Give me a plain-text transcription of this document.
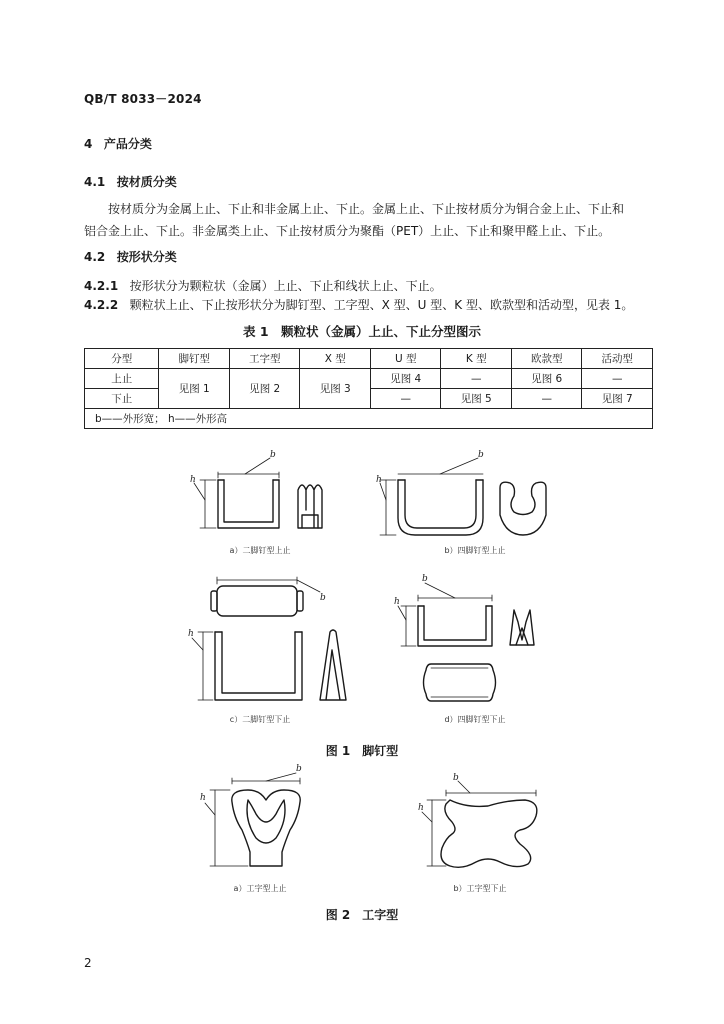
QB/T 8033－2024
4 产品分类
4.1 按材质分类
按材质分为金属上止、下止和非金属上止、下止。金属上止、下止按材质分为铜合金上止、下止和
铝合金上止、下止。非金属类上止、下止按材质分为聚酯（PET）上止、下止和聚甲醛上止、下止。
4.2 按形状分类
4.2.1 按形状分为颗粒状（金属）上止、下止和线状上止、下止。
4.2.2 颗粒状上止、下止按形状分为脚钉型、工字型、X 型、U 型、K 型、欧款型和活动型，见表 1。
表 1　颗粒状（金属）上止、下止分型图示
分型	脚钉型	工字型	X 型	U 型	K 型	欧款型	活动型
上止	见图 1	见图 2	见图 3	见图 4	—	见图 6	—
下止				—	见图 5	—	见图 7
b——外形宽； h——外形高							
b
h
b
h
b
h
b
h
b
h
b
h
a）二脚钉型上止	b）四脚钉型上止
c）二脚钉型下止	d）四脚钉型下止
图 1　脚钉型
a）工字型上止	b）工字型下止
图 2　工字型
2
